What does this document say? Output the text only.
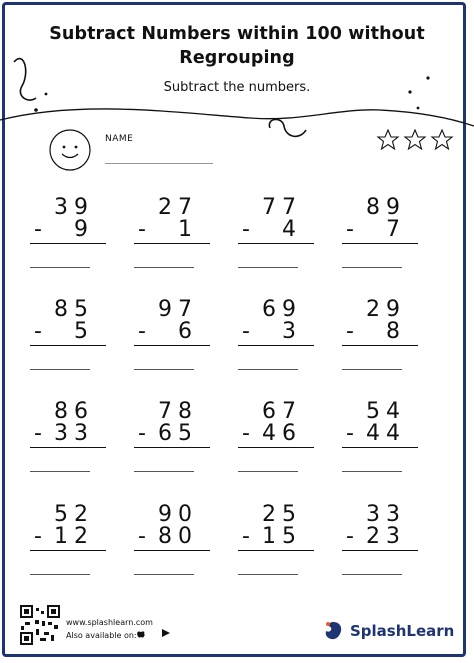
Subtract Numbers within 100 without
Regrouping
Subtract the numbers.
NAME
39
- 9
27
- 1
77
- 4
89
- 7
85
- 5
97
- 6
69
- 3
29
- 8
86
- 33
78
- 65
67
- 46
54
- 44
52
- 12
90
- 80
25
- 15
33
- 23
www.splashlearn.com
Also available on:
	SplashLearn
